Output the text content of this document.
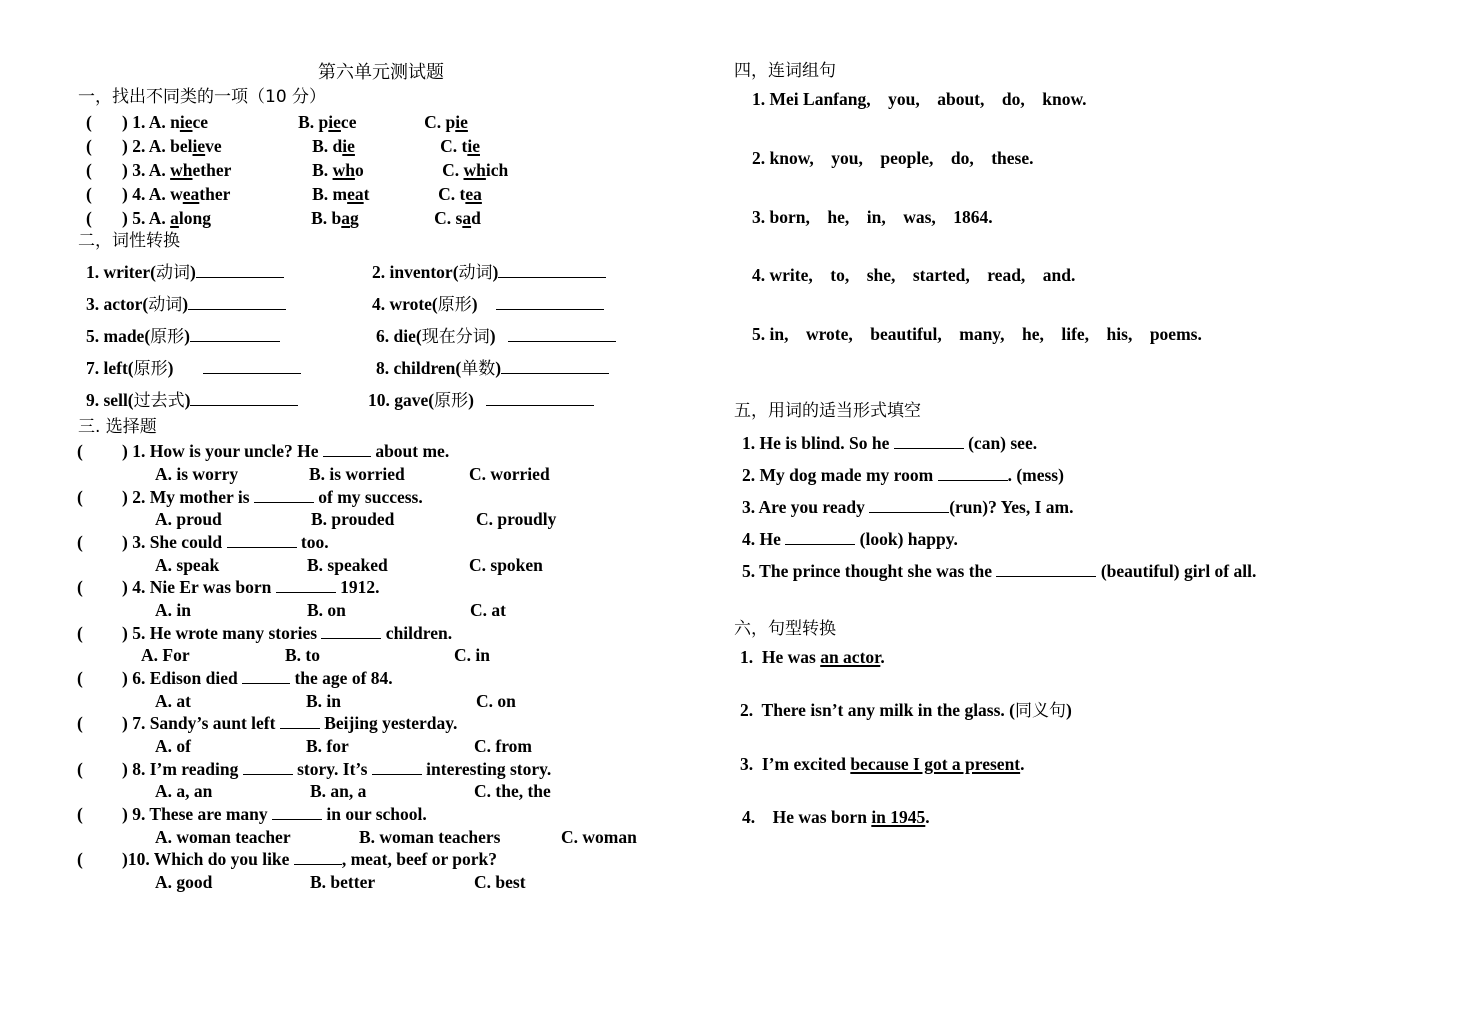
第六单元测试题
一，找出不同类的一项（10 分）
( ) 1. A. niece	B. piece	C. pie
( ) 2. A. believe	B. die	C. tie
( ) 3. A. whether	B. who	C. which
( ) 4. A. weather	B. meat	C. tea
( ) 5. A. along	B. bag	C. sad
二，词性转换
1. writer(动词)	2. inventor(动词)
3. actor(动词)	4. wrote(原形)
5. made(原形)	6. die(现在分词)
7. left(原形)	8. children(单数)
9. sell(过去式)	10. gave(原形)
三. 选择题
( ) 1. How is your uncle? He	about me.
A. is worry	B. is worried	C. worried
( ) 2. My mother is	of my success.
A. proud	B. prouded	C. proudly
( ) 3. She could	too.
A. speak	B. speaked	C. spoken
( ) 4. Nie Er was born	1912.
A. in	B. on	C. at
( ) 5. He wrote many stories	children.
A. For	B. to	C. in
( ) 6. Edison died	the age of 84.
A. at	B. in	C. on
( ) 7. Sandy’s aunt left  Beijing yesterday.
A. of	B. for	C. from
( ) 8. I’m reading	story. It’s	interesting story.
A. a, an	B. an, a	C. the, the
( ) 9. These are many	in our school.
A. woman teacher	B. woman teachers	C. woman
( )10. Which do you like	, meat, beef or pork?
A. good	B. better	C. best
四，连词组句
1. Mei Lanfang,    you,    about,    do,    know.
2. know,    you,    people,    do,    these.
3. born,    he,    in,    was,    1864.
4. write,    to,    she,    started,    read,    and.
5. in,    wrote,    beautiful,    many,    he,    life,    his,    poems.
五，用词的适当形式填空
1. He is blind. So he	(can) see.
2. My dog made my room	. (mess)
3. Are you ready	(run)? Yes, I am.
4. He	(look) happy.
5. The prince thought she was the	(beautiful) girl of all.
六，句型转换
1.  He was an actor.
2.  There isn’t any milk in the glass. (同义句)
3.  I’m excited because I got a present.
4.    He was born in 1945.
